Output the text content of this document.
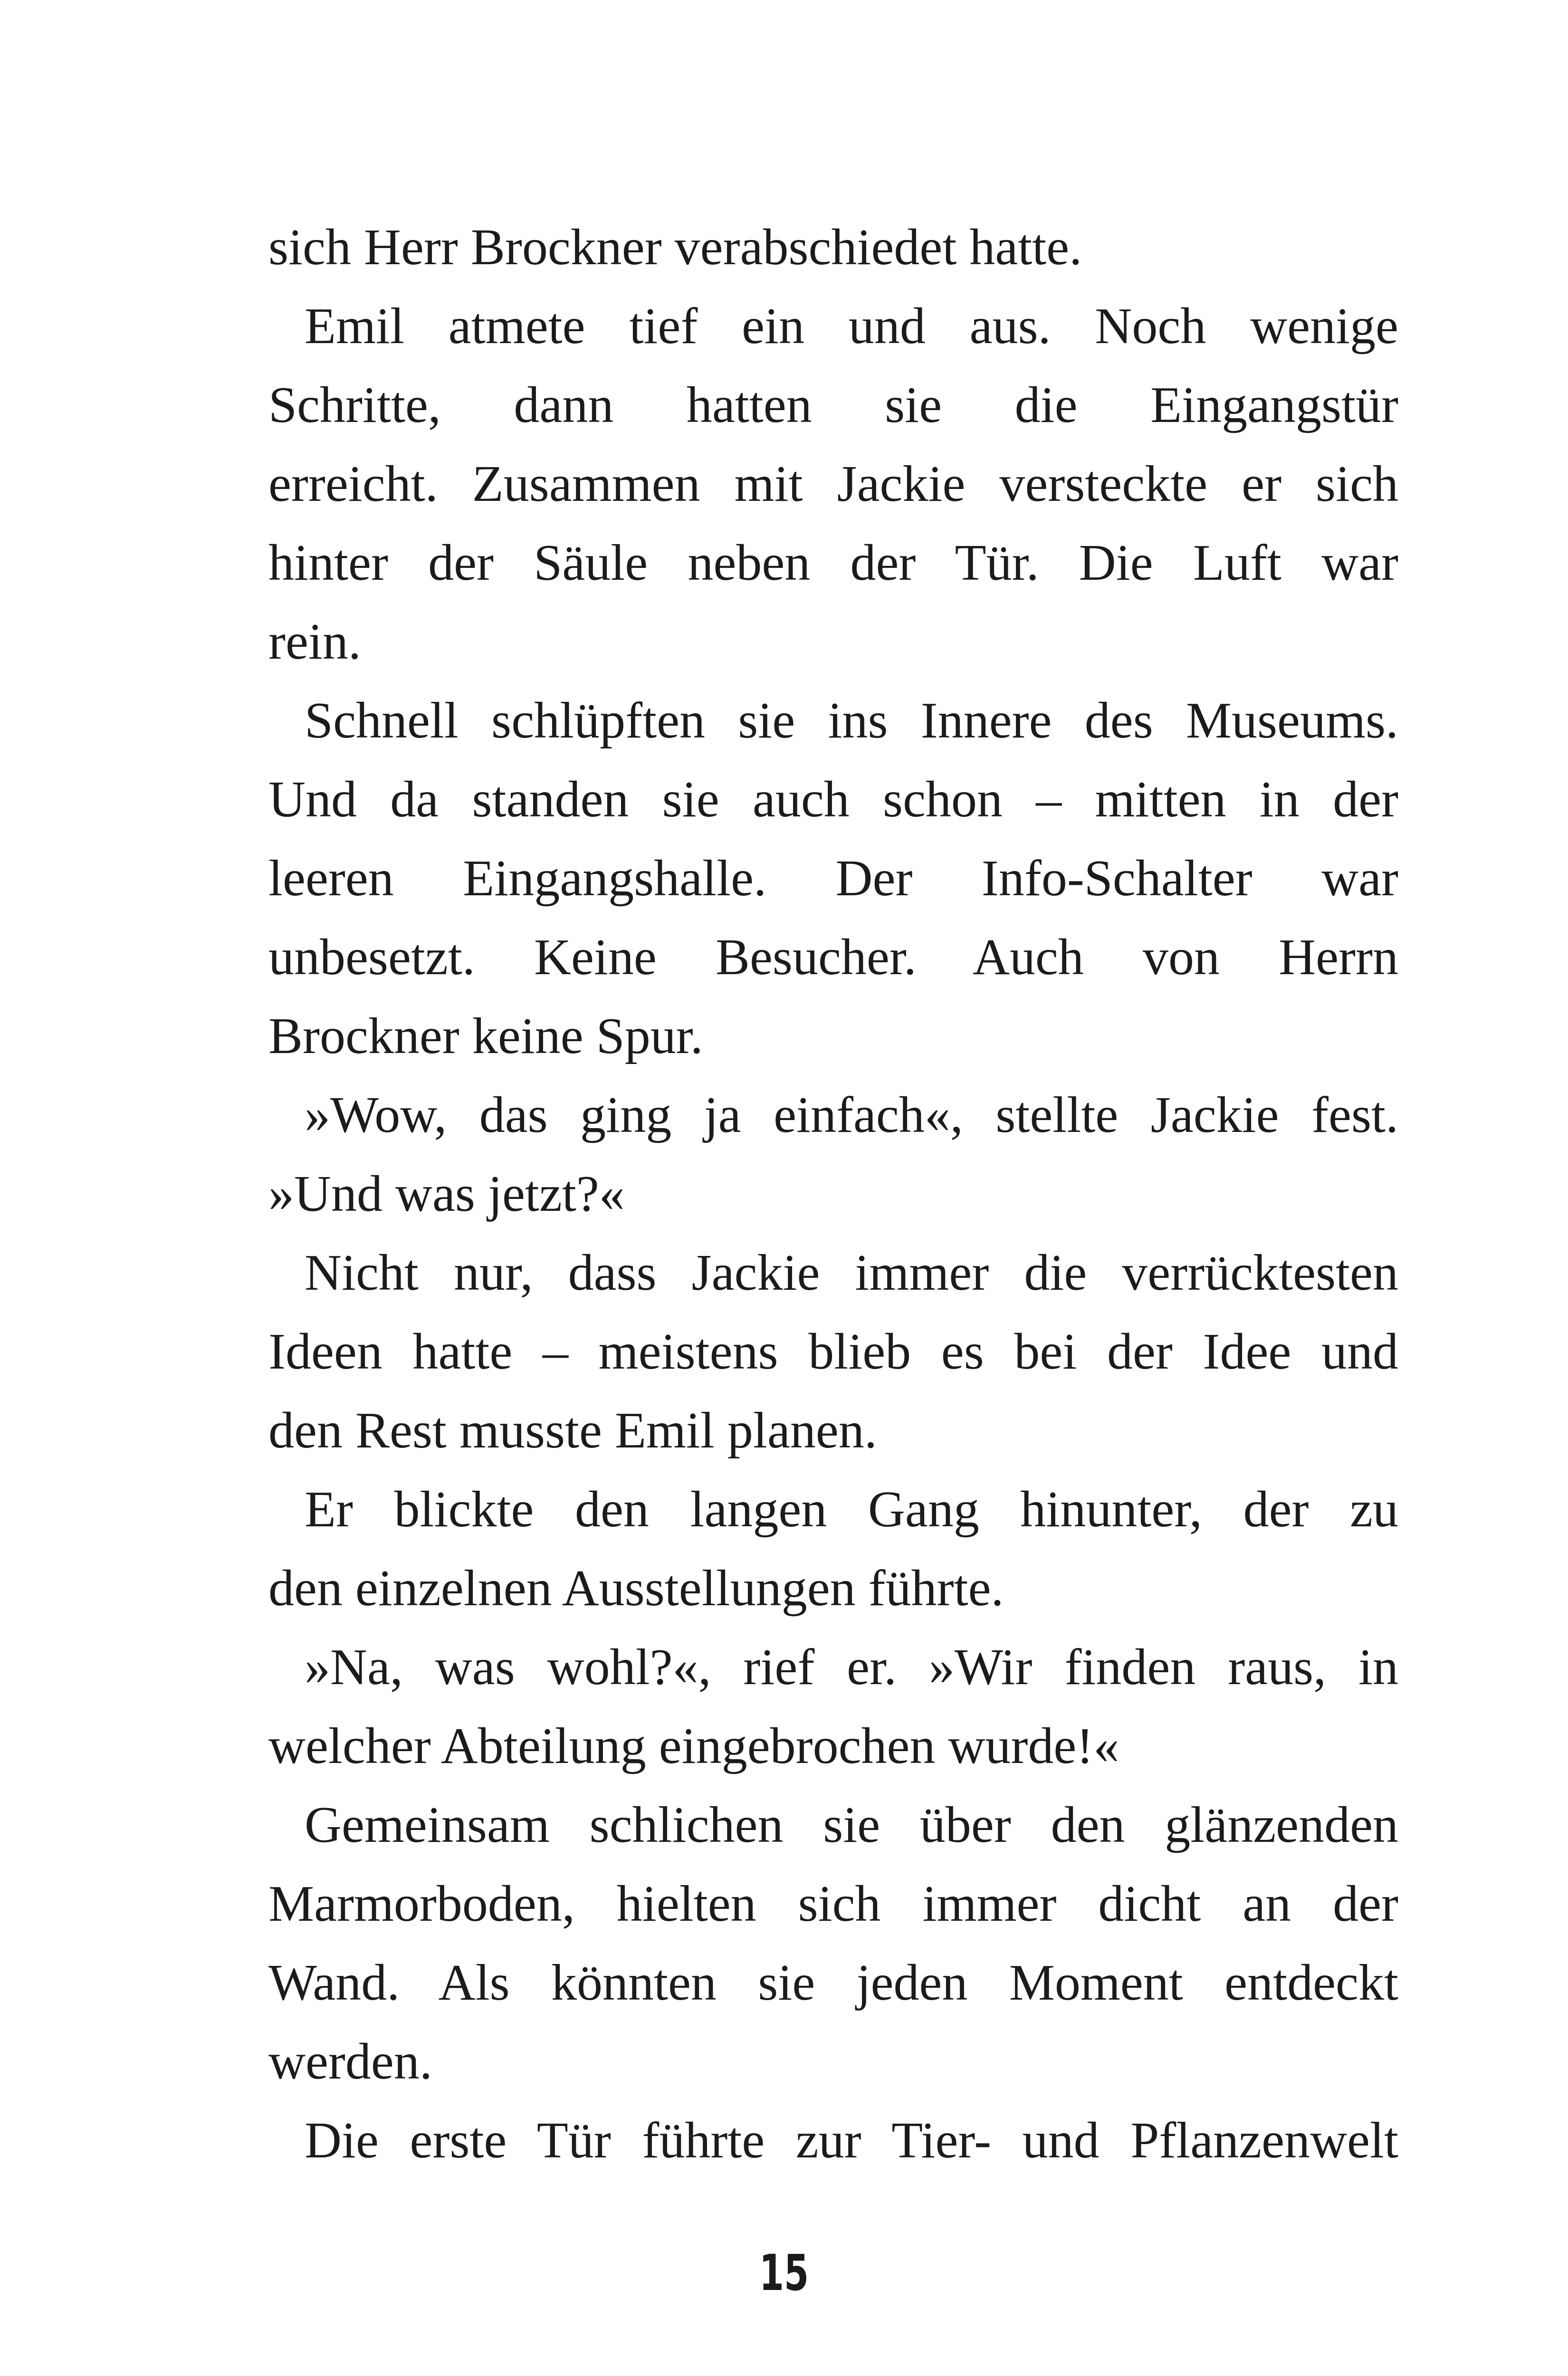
sich Herr Brockner verabschiedet hatte.
Emil atmete tief ein und aus. Noch wenige
Schritte, dann hatten sie die Eingangstür
erreicht. Zusammen mit Jackie versteckte er sich
hinter der Säule neben der Tür. Die Luft war
rein.
Schnell schlüpften sie ins Innere des Museums.
Und da standen sie auch schon – mitten in der
leeren Eingangshalle. Der Info-Schalter war
unbesetzt. Keine Besucher. Auch von Herrn
Brockner keine Spur.
»Wow, das ging ja einfach«, stellte Jackie fest.
»Und was jetzt?«
Nicht nur, dass Jackie immer die verrücktesten
Ideen hatte – meistens blieb es bei der Idee und
den Rest musste Emil planen.
Er blickte den langen Gang hinunter, der zu
den einzelnen Ausstellungen führte.
»Na, was wohl?«, rief er. »Wir finden raus, in
welcher Abteilung eingebrochen wurde!«
Gemeinsam schlichen sie über den glänzenden
Marmorboden, hielten sich immer dicht an der
Wand. Als könnten sie jeden Moment entdeckt
werden.
Die erste Tür führte zur Tier- und Pflanzenwelt
15
